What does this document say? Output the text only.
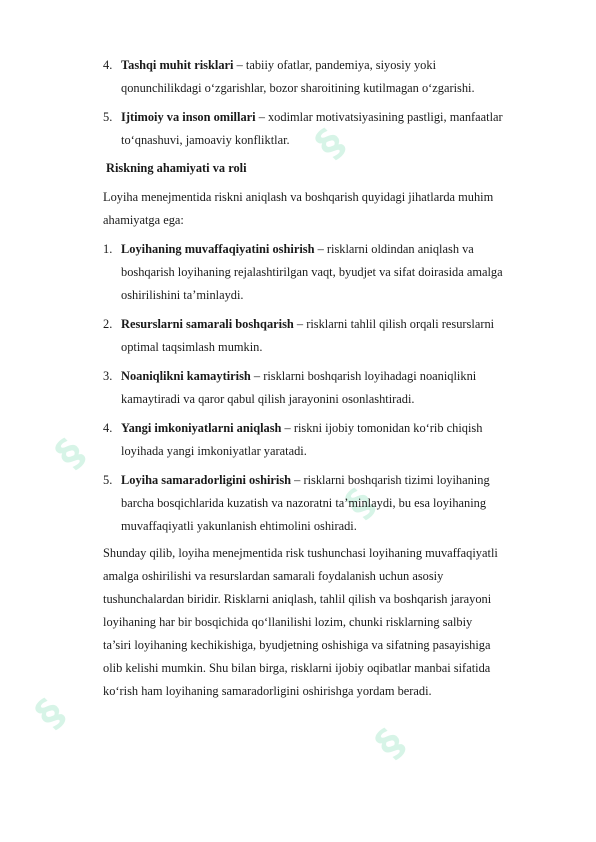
§
§
§
§
§
4. Tashqi muhit risklari – tabiiy ofatlar, pandemiya, siyosiy yoki
qonunchilikdagi o‘zgarishlar, bozor sharoitining kutilmagan o‘zgarishi.
5. Ijtimoiy va inson omillari – xodimlar motivatsiyasining pastligi, manfaatlar
to‘qnashuvi, jamoaviy konfliktlar.
Riskning ahamiyati va roli
Loyiha menejmentida riskni aniqlash va boshqarish quyidagi jihatlarda muhim
ahamiyatga ega:
1. Loyihaning muvaffaqiyatini oshirish – risklarni oldindan aniqlash va
boshqarish loyihaning rejalashtirilgan vaqt, byudjet va sifat doirasida amalga
oshirilishini ta’minlaydi.
2. Resurslarni samarali boshqarish – risklarni tahlil qilish orqali resurslarni
optimal taqsimlash mumkin.
3. Noaniqlikni kamaytirish – risklarni boshqarish loyihadagi noaniqlikni
kamaytiradi va qaror qabul qilish jarayonini osonlashtiradi.
4. Yangi imkoniyatlarni aniqlash – riskni ijobiy tomonidan ko‘rib chiqish
loyihada yangi imkoniyatlar yaratadi.
5. Loyiha samaradorligini oshirish – risklarni boshqarish tizimi loyihaning
barcha bosqichlarida kuzatish va nazoratni ta’minlaydi, bu esa loyihaning
muvaffaqiyatli yakunlanish ehtimolini oshiradi.
Shunday qilib, loyiha menejmentida risk tushunchasi loyihaning muvaffaqiyatli
amalga oshirilishi va resurslardan samarali foydalanish uchun asosiy
tushunchalardan biridir. Risklarni aniqlash, tahlil qilish va boshqarish jarayoni
loyihaning har bir bosqichida qo‘llanilishi lozim, chunki risklarning salbiy
ta’siri loyihaning kechikishiga, byudjetning oshishiga va sifatning pasayishiga
olib kelishi mumkin. Shu bilan birga, risklarni ijobiy oqibatlar manbai sifatida
ko‘rish ham loyihaning samaradorligini oshirishga yordam beradi.
